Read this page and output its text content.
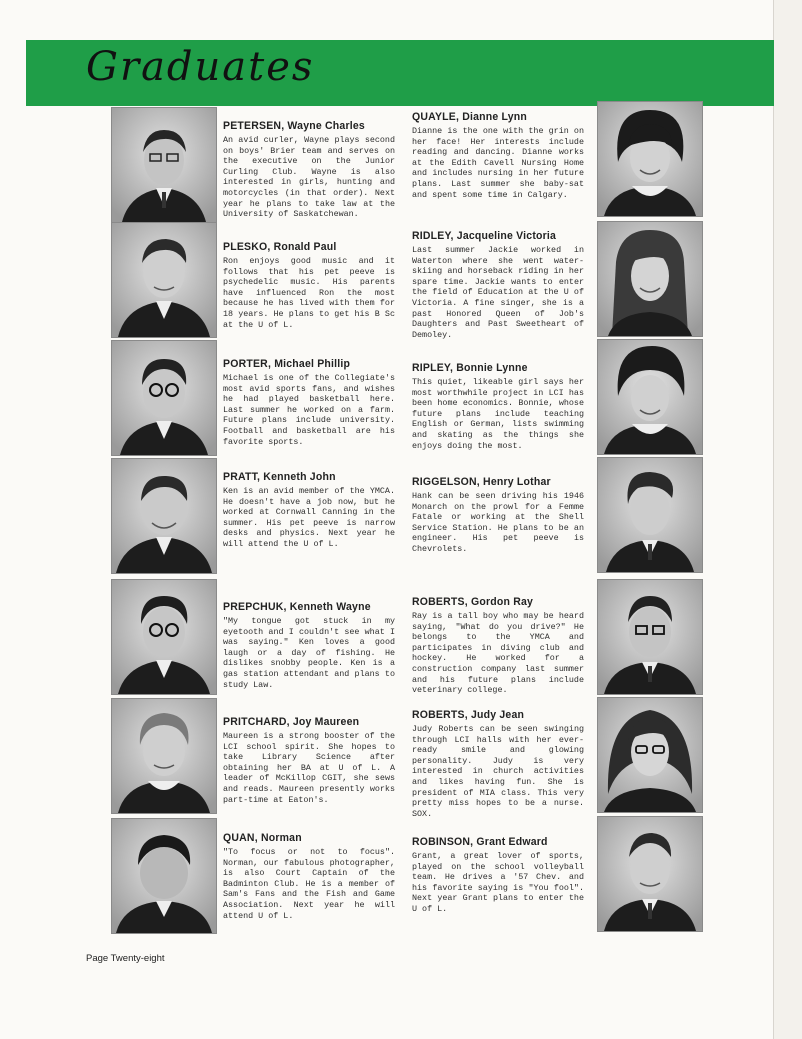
Graduates
PETERSEN, Wayne Charles
An avid curler, Wayne plays second on boys' Brier team and serves on the executive on the Junior Curling Club. Wayne is also interested in girls, hunting and motorcycles (in that order). Next year he plans to take law at the University of Saskatchewan.
PLESKO, Ronald Paul
Ron enjoys good music and it follows that his pet peeve is psychedelic music. His parents have influenced Ron the most because he has lived with them for 18 years. He plans to get his B Sc at the U of L.
PORTER, Michael Phillip
Michael is one of the Collegiate's most avid sports fans, and wishes he had played basketball here. Last summer he worked on a farm. Future plans include university. Football and basketball are his favorite sports.
PRATT, Kenneth John
Ken is an avid member of the YMCA. He doesn't have a job now, but he worked at Cornwall Canning in the summer. His pet peeve is narrow desks and physics. Next year he will attend the U of L.
PREPCHUK, Kenneth Wayne
"My tongue got stuck in my eyetooth and I couldn't see what I was saying." Ken loves a good laugh or a day of fishing. He dislikes snobby people. Ken is a gas station attendant and plans to study Law.
PRITCHARD, Joy Maureen
Maureen is a strong booster of the LCI school spirit. She hopes to take Library Science after obtaining her BA at U of L. A leader of McKillop CGIT, she sews and reads. Maureen presently works part-time at Eaton's.
QUAN, Norman
"To focus or not to focus". Norman, our fabulous photographer, is also Court Captain of the Badminton Club. He is a member of Sam's Fans and the Fish and Game Association. Next year he will attend U of L.
QUAYLE, Dianne Lynn
Dianne is the one with the grin on her face! Her interests include reading and dancing. Dianne works at the Edith Cavell Nursing Home and includes nursing in her future plans. Last summer she baby-sat and spent some time in Calgary.
RIDLEY, Jacqueline Victoria
Last summer Jackie worked in Waterton where she went water-skiing and horseback riding in her spare time. Jackie wants to enter the field of Education at the U of Victoria. A fine singer, she is a past Honored Queen of Job's Daughters and Past Sweetheart of Demoley.
RIPLEY, Bonnie Lynne
This quiet, likeable girl says her most worthwhile project in LCI has been home economics. Bonnie, whose future plans include teaching English or German, lists swimming and skating as the things she enjoys doing the most.
RIGGELSON, Henry Lothar
Hank can be seen driving his 1946 Monarch on the prowl for a Femme Fatale or working at the Shell Service Station. He plans to be an engineer. His pet peeve is Chevrolets.
ROBERTS, Gordon Ray
Ray is a tall boy who may be heard saying, "What do you drive?" He belongs to the YMCA and participates in diving club and hockey. He worked for a construction company last summer and his future plans include veterinary college.
ROBERTS, Judy Jean
Judy Roberts can be seen swinging through LCI halls with her ever-ready smile and glowing personality. Judy is very interested in church activities and likes having fun. She is president of MIA class. This very pretty miss hopes to be a nurse. SOX.
ROBINSON, Grant Edward
Grant, a great lover of sports, played on the school volleyball team. He drives a '57 Chev. and his favorite saying is "You fool". Next year Grant plans to enter the U of L.
Page Twenty-eight
